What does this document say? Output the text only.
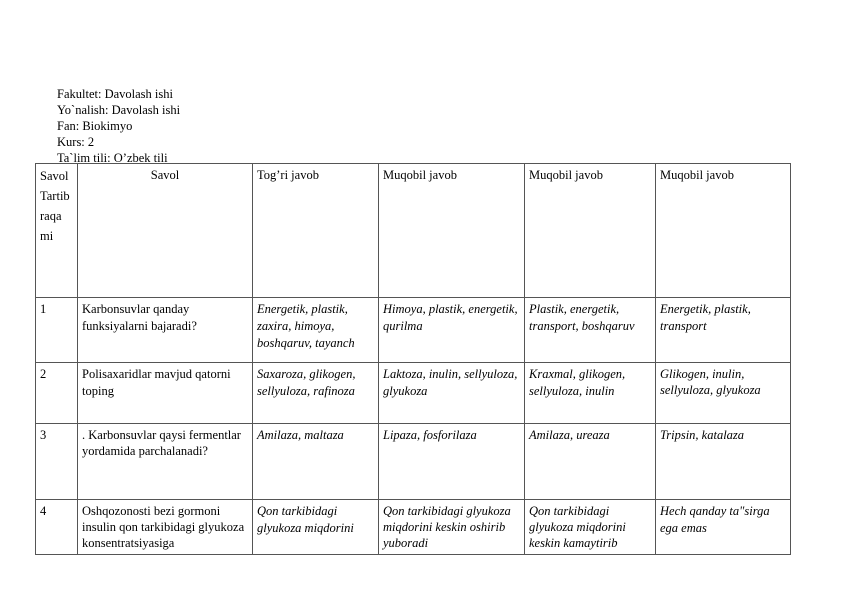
Fakultet: Davolash ishi
Yo`nalish: Davolash ishi
Fan: Biokimyo
Kurs: 2
Ta`lim tili: O’zbek tili
Savol Tartib raqami	Savol	Tog’ri javob	Muqobil javob	Muqobil javob	Muqobil javob
1	Karbonsuvlar qanday funksiyalarni bajaradi?	Energetik, plastik, zaxira, himoya, boshqaruv, tayanch	Himoya, plastik, energetik, qurilma	Plastik, energetik, transport, boshqaruv	Energetik, plastik, transport
2	Polisaxaridlar mavjud qatorni toping	Saxaroza, glikogen, sellyuloza, rafinoza	Laktoza, inulin, sellyuloza, glyukoza	Kraxmal, glikogen, sellyuloza, inulin	Glikogen, inulin, sellyuloza, glyukoza
3	. Karbonsuvlar qaysi fermentlar yordamida parchalanadi?	Amilaza, maltaza	Lipaza, fosforilaza	Amilaza, ureaza	Tripsin, katalaza
4	Oshqozonosti bezi gormoni insulin qon tarkibidagi glyukoza konsentratsiyasiga	Qon tarkibidagi glyukoza miqdorini	Qon tarkibidagi glyukoza miqdorini keskin oshirib yuboradi	Qon tarkibidagi glyukoza miqdorini keskin kamaytirib	Hech qanday ta"sirga ega emas
